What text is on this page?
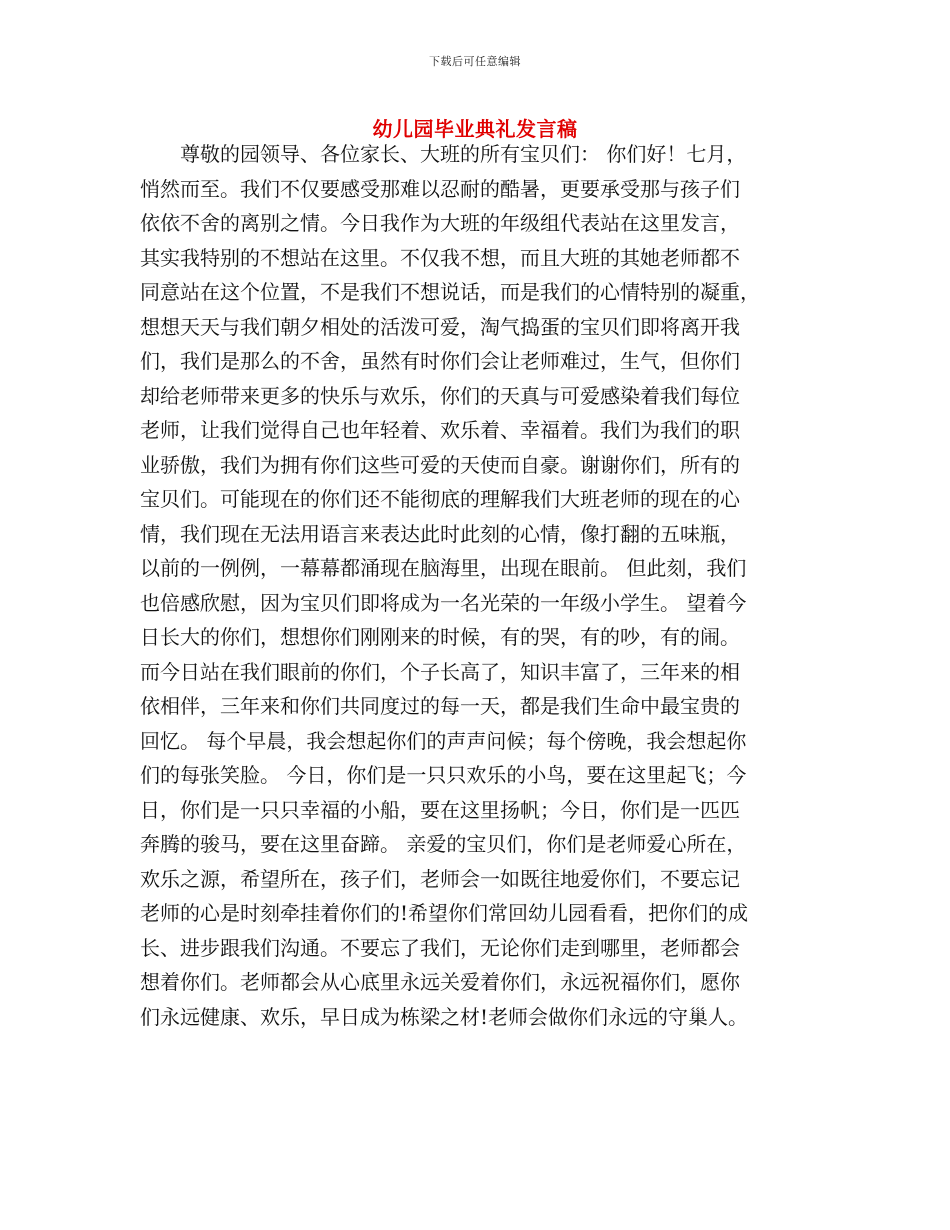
下载后可任意编辑
幼儿园毕业典礼发言稿
　　尊敬的园领导、各位家长、大班的所有宝贝们： 你们好！七月，
悄然而至。我们不仅要感受那难以忍耐的酷暑，更要承受那与孩子们
依依不舍的离别之情。今日我作为大班的年级组代表站在这里发言，
其实我特别的不想站在这里。不仅我不想，而且大班的其她老师都不
同意站在这个位置，不是我们不想说话，而是我们的心情特别的凝重，
想想天天与我们朝夕相处的活泼可爱，淘气捣蛋的宝贝们即将离开我
们，我们是那么的不舍，虽然有时你们会让老师难过，生气，但你们
却给老师带来更多的快乐与欢乐，你们的天真与可爱感染着我们每位
老师，让我们觉得自己也年轻着、欢乐着、幸福着。我们为我们的职
业骄傲，我们为拥有你们这些可爱的天使而自豪。谢谢你们，所有的
宝贝们。可能现在的你们还不能彻底的理解我们大班老师的现在的心
情，我们现在无法用语言来表达此时此刻的心情，像打翻的五味瓶，
以前的一例例，一幕幕都涌现在脑海里，出现在眼前。 但此刻，我们
也倍感欣慰，因为宝贝们即将成为一名光荣的一年级小学生。 望着今
日长大的你们，想想你们刚刚来的时候，有的哭，有的吵，有的闹。
而今日站在我们眼前的你们，个子长高了，知识丰富了，三年来的相
依相伴，三年来和你们共同度过的每一天，都是我们生命中最宝贵的
回忆。 每个早晨，我会想起你们的声声问候；每个傍晚，我会想起你
们的每张笑脸。 今日，你们是一只只欢乐的小鸟，要在这里起飞；今
日，你们是一只只幸福的小船，要在这里扬帆；今日，你们是一匹匹
奔腾的骏马，要在这里奋蹄。 亲爱的宝贝们，你们是老师爱心所在，
欢乐之源，希望所在，孩子们，老师会一如既往地爱你们，不要忘记
老师的心是时刻牵挂着你们的!希望你们常回幼儿园看看，把你们的成
长、进步跟我们沟通。不要忘了我们，无论你们走到哪里，老师都会
想着你们。老师都会从心底里永远关爱着你们，永远祝福你们，愿你
们永远健康、欢乐，早日成为栋梁之材!老师会做你们永远的守巢人。
